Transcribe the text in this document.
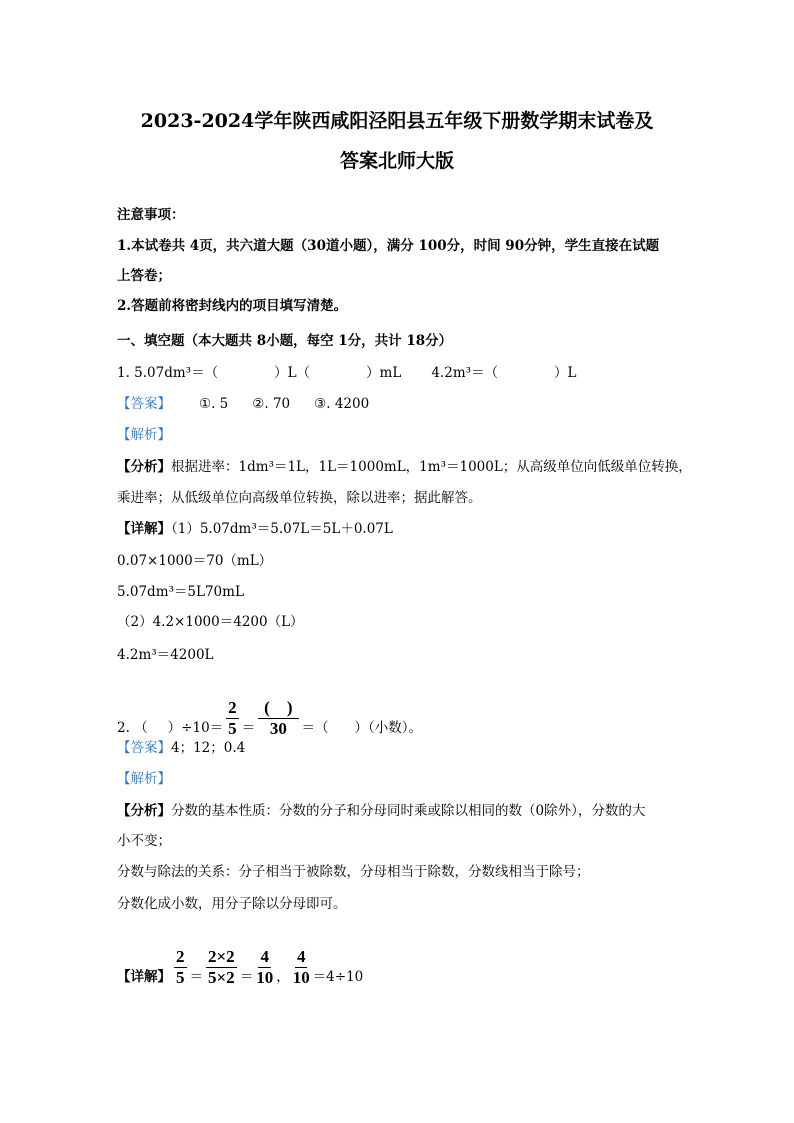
2023-2024学年陕西咸阳泾阳县五年级下册数学期末试卷及
答案北师大版
注意事项：
1.本试卷共 4页，共六道大题（30道小题），满分 100分，时间 90分钟，学生直接在试题
上答卷；
2.答题前将密封线内的项目填写清楚。
一、填空题（本大题共 8小题，每空 1分，共计 18分）
1. 5.07dm³＝（	）L（	）mL 4.2m³＝（	）L
【答案】 ①. 5 ②. 70 ③. 4200
【解析】
【分析】根据进率：1dm³＝1L，1L＝1000mL，1m³＝1000L；从高级单位向低级单位转换，
乘进率；从低级单位向高级单位转换，除以进率；据此解答。
【详解】（1）5.07dm³＝5.07L＝5L＋0.07L
0.07×1000＝70（mL）
5.07dm³＝5L70mL
（2）4.2×1000＝4200（L）
4.2m³＝4200L
2. （ ）$\div 10= \frac{2}{5} = \frac{( )}{30}$ ＝（ ）（小数）。
【答案】4；12；0.4
【解析】
【分析】分数的基本性质：分数的分子和分母同时乘或除以相同的数（0除外），分数的大
小不变；
分数与除法的关系：分子相当于被除数，分母相当于除数，分数线相当于除号；
分数化成小数，用分子除以分母即可。
【详解】 $\frac{2}{5} = \frac{2\times 2}{5\times 2} = \frac{4}{10}$ ， $\frac{4}{10} =4\div 10$
